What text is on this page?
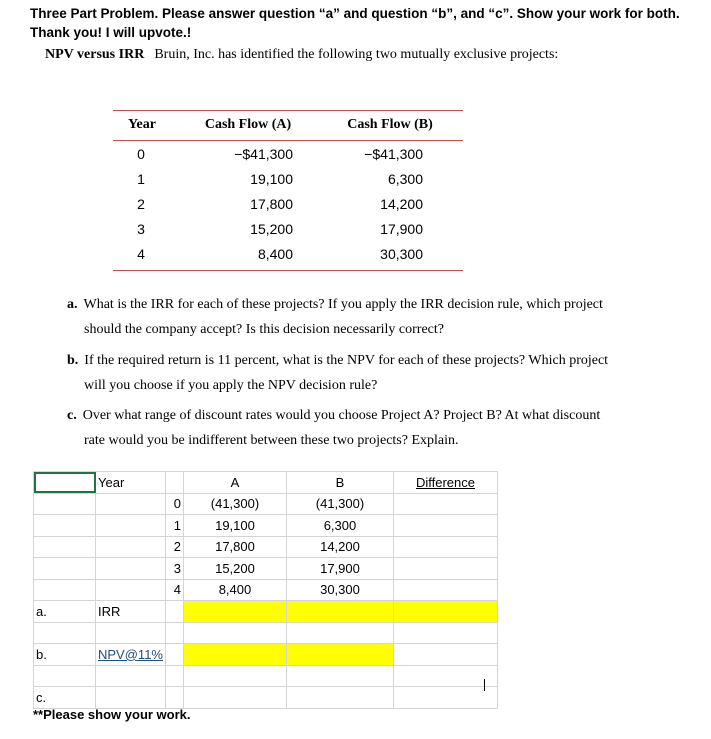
Three Part Problem. Please answer question “a” and question “b”, and “c”. Show your work for both.
Thank you! I will upvote.!
NPV versus IRR Bruin, Inc. has identified the following two mutually exclusive projects:
Year	Cash Flow (A)	Cash Flow (B)
0	−$41,300	−$41,300
1	19,100	6,300
2	17,800	14,200
3	15,200	17,900
4	8,400	30,300
a. What is the IRR for each of these projects? If you apply the IRR decision rule, which project
should the company accept? Is this decision necessarily correct?
b. If the required return is 11 percent, what is the NPV for each of these projects? Which project
will you choose if you apply the NPV decision rule?
c. Over what range of discount rates would you choose Project A? Project B? At what discount
rate would you be indifferent between these two projects? Explain.
	Year		A	B	Difference
		0	(41,300)	(41,300)	
		1	19,100	6,300	
		2	17,800	14,200	
		3	15,200	17,900	
		4	8,400	30,300	
a.	IRR				

b.	NPV@11%				

c.					
**Please show your work.
